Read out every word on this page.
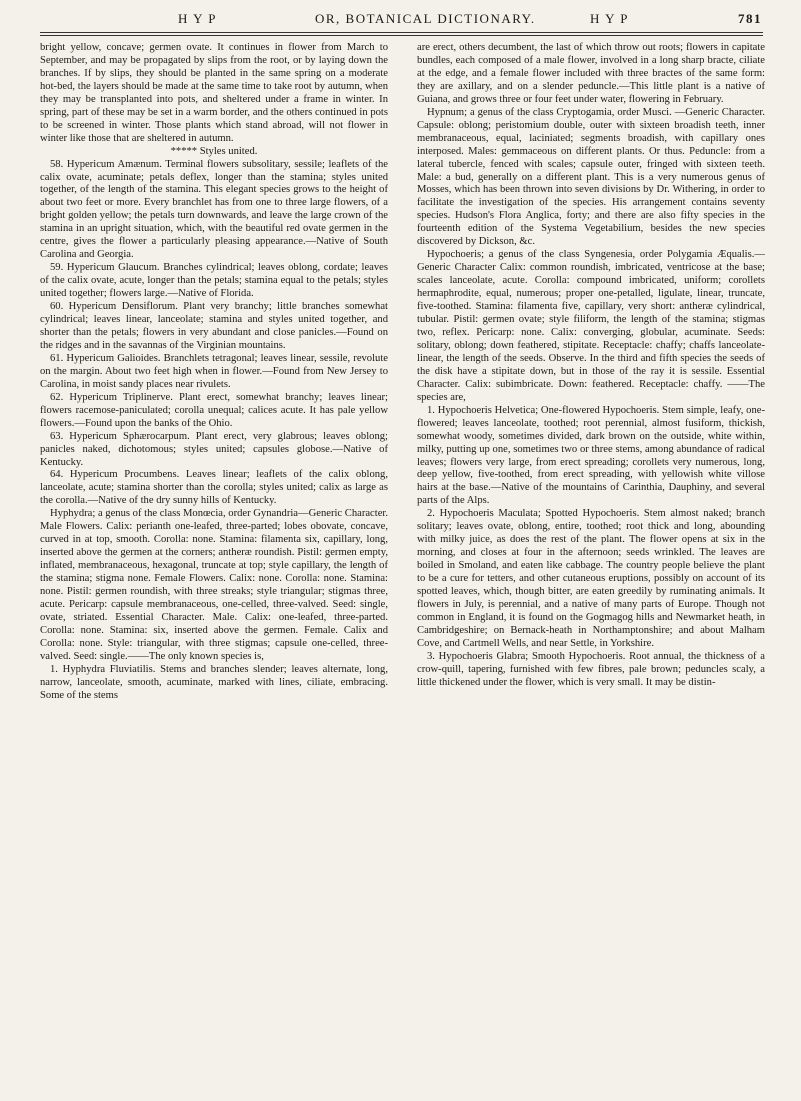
H Y P	OR, BOTANICAL DICTIONARY.	H Y P	781

bright yellow, concave; germen ovate. It continues in flower from March to September, and may be propagated by slips from the root, or by laying down the branches. If by slips, they should be planted in the same spring on a moderate hot-bed, the layers should be made at the same time to take root by autumn, when they may be transplanted into pots, and sheltered under a frame in winter. In spring, part of these may be set in a warm border, and the others continued in pots to be screened in winter. Those plants which stand abroad, will not flower in winter like those that are sheltered in autumn.

***** Styles united.

58. Hypericum Amænum. Terminal flowers subsolitary, sessile; leaflets of the calix ovate, acuminate; petals deflex, longer than the stamina; styles united together, of the length of the stamina. This elegant species grows to the height of about two feet or more. Every branchlet has from one to three large flowers, of a bright golden yellow; the petals turn downwards, and leave the large crown of the stamina in an upright situation, which, with the beautiful red ovate germen in the centre, gives the flower a particularly pleasing appearance.—Native of South Carolina and Georgia.

59. Hypericum Glaucum. Branches cylindrical; leaves oblong, cordate; leaves of the calix ovate, acute, longer than the petals; stamina equal to the petals; styles united together; flowers large.—Native of Florida.

60. Hypericum Densiflorum. Plant very branchy; little branches somewhat cylindrical; leaves linear, lanceolate; stamina and styles united together, and shorter than the petals; flowers in very abundant and close panicles.—Found on the ridges and in the savannas of the Virginian mountains.

61. Hypericum Galioides. Branchlets tetragonal; leaves linear, sessile, revolute on the margin. About two feet high when in flower.—Found from New Jersey to Carolina, in moist sandy places near rivulets.

62. Hypericum Triplinerve. Plant erect, somewhat branchy; leaves linear; flowers racemose-paniculated; corolla unequal; calices acute. It has pale yellow flowers.—Found upon the banks of the Ohio.

63. Hypericum Sphærocarpum. Plant erect, very glabrous; leaves oblong; panicles naked, dichotomous; styles united; capsules globose.—Native of Kentucky.

64. Hypericum Procumbens. Leaves linear; leaflets of the calix oblong, lanceolate, acute; stamina shorter than the corolla; styles united; calix as large as the corolla.—Native of the dry sunny hills of Kentucky.

Hyphydra; a genus of the class Monœcia, order Gynandria—Generic Character. Male Flowers. Calix: perianth one-leafed, three-parted; lobes obovate, concave, curved in at top, smooth. Corolla: none. Stamina: filamenta six, capillary, long, inserted above the germen at the corners; antheræ roundish. Pistil: germen empty, inflated, membranaceous, hexagonal, truncate at top; style capillary, the length of the stamina; stigma none. Female Flowers. Calix: none. Corolla: none. Stamina: none. Pistil: germen roundish, with three streaks; style triangular; stigmas three, acute. Pericarp: capsule membranaceous, one-celled, three-valved. Seed: single, ovate, striated. Essential Character. Male. Calix: one-leafed, three-parted. Corolla: none. Stamina: six, inserted above the germen. Female. Calix and Corolla: none. Style: triangular, with three stigmas; capsule one-celled, three-valved. Seed: single.——The only known species is,

1. Hyphydra Fluviatilis. Stems and branches slender; leaves alternate, long, narrow, lanceolate, smooth, acuminate, marked with lines, ciliate, embracing. Some of the stems

are erect, others decumbent, the last of which throw out roots; flowers in capitate bundles, each composed of a male flower, involved in a long sharp bracte, ciliate at the edge, and a female flower included with three bractes of the same form: they are axillary, and on a slender peduncle.—This little plant is a native of Guiana, and grows three or four feet under water, flowering in February.

Hypnum; a genus of the class Cryptogamia, order Musci. —Generic Character. Capsule: oblong; peristomium double, outer with sixteen broadish teeth, inner membranaceous, equal, laciniated; segments broadish, with capillary ones interposed. Males: gemmaceous on different plants. Or thus. Peduncle: from a lateral tubercle, fenced with scales; capsule outer, fringed with sixteen teeth. Male: a bud, generally on a different plant. This is a very numerous genus of Mosses, which has been thrown into seven divisions by Dr. Withering, in order to facilitate the investigation of the species. His arrangement contains seventy species. Hudson's Flora Anglica, forty; and there are also fifty species in the fourteenth edition of the Systema Vegetabilium, besides the new species discovered by Dickson, &c.

Hypochoeris; a genus of the class Syngenesia, order Polygamia Æqualis.—Generic Character Calix: common roundish, imbricated, ventricose at the base; scales lanceolate, acute. Corolla: compound imbricated, uniform; corollets hermaphrodite, equal, numerous; proper one-petalled, ligulate, linear, truncate, five-toothed. Stamina: filamenta five, capillary, very short: antheræ cylindrical, tubular. Pistil: germen ovate; style filiform, the length of the stamina; stigmas two, reflex. Pericarp: none. Calix: converging, globular, acuminate. Seeds: solitary, oblong; down feathered, stipitate. Receptacle: chaffy; chaffs lanceolate-linear, the length of the seeds. Observe. In the third and fifth species the seeds of the disk have a stipitate down, but in those of the ray it is sessile. Essential Character. Calix: subimbricate. Down: feathered. Receptacle: chaffy. ——The species are,

1. Hypochoeris Helvetica; One-flowered Hypochoeris. Stem simple, leafy, one-flowered; leaves lanceolate, toothed; root perennial, almost fusiform, thickish, somewhat woody, sometimes divided, dark brown on the outside, white within, milky, putting up one, sometimes two or three stems, among abundance of radical leaves; flowers very large, from erect spreading; corollets very numerous, long, deep yellow, five-toothed, from erect spreading, with yellowish white villose hairs at the base.—Native of the mountains of Carinthia, Dauphiny, and several parts of the Alps.

2. Hypochoeris Maculata; Spotted Hypochoeris. Stem almost naked; branch solitary; leaves ovate, oblong, entire, toothed; root thick and long, abounding with milky juice, as does the rest of the plant. The flower opens at six in the morning, and closes at four in the afternoon; seeds wrinkled. The leaves are boiled in Smoland, and eaten like cabbage. The country people believe the plant to be a cure for tetters, and other cutaneous eruptions, possibly on account of its spotted leaves, which, though bitter, are eaten greedily by ruminating animals. It flowers in July, is perennial, and a native of many parts of Europe. Though not common in England, it is found on the Gogmagog hills and Newmarket heath, in Cambridgeshire; on Bernack-heath in Northamptonshire; and about Malham Cove, and Cartmell Wells, and near Settle, in Yorkshire.

3. Hypochoeris Glabra; Smooth Hypochoeris. Root annual, the thickness of a crow-quill, tapering, furnished with few fibres, pale brown; peduncles scaly, a little thickened under the flower, which is very small. It may be distin-
